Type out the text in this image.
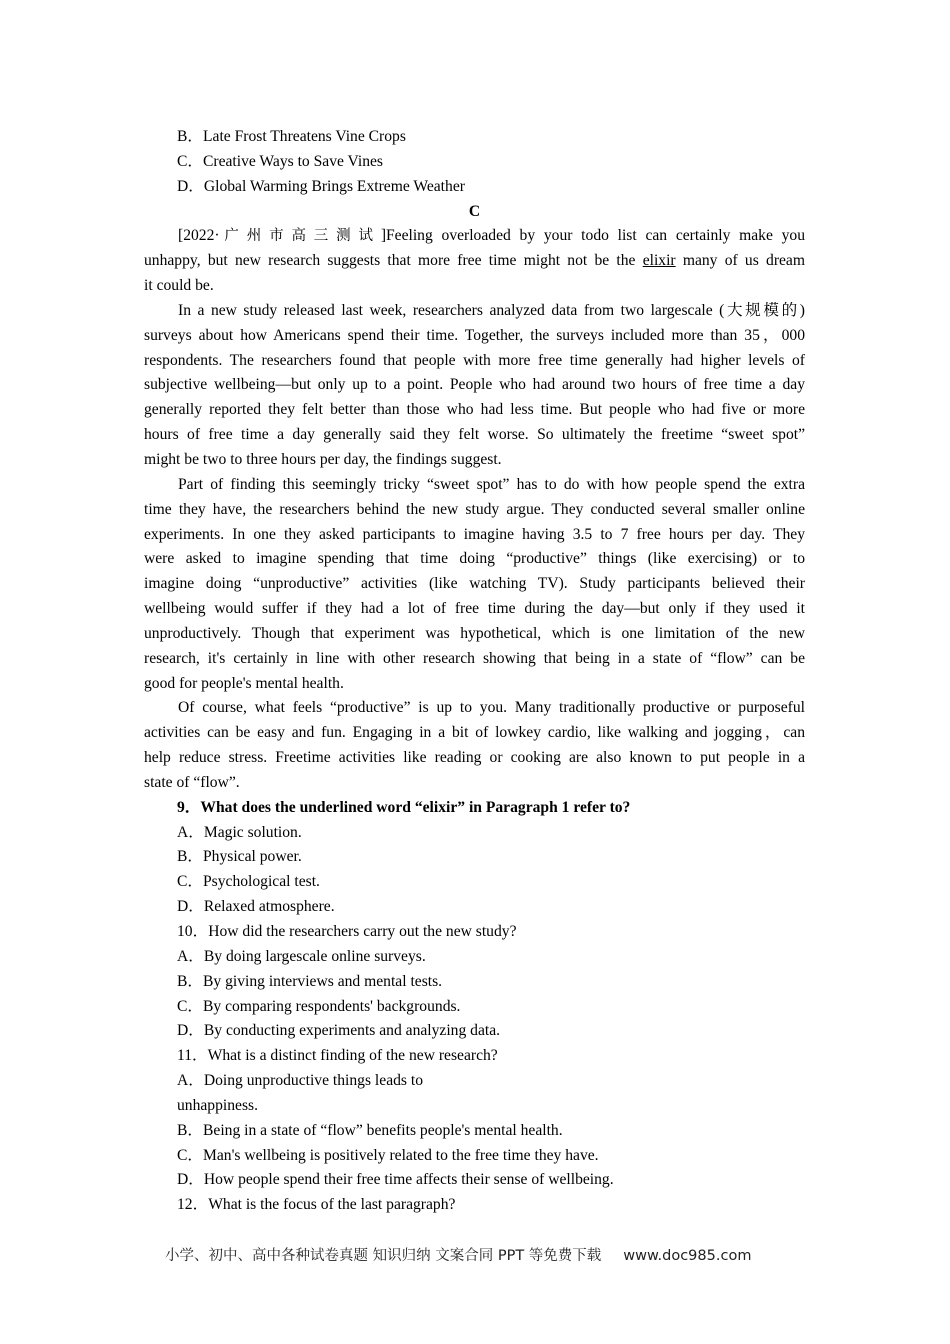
B．Late Frost Threatens Vine Crops
C．Creative Ways to Save Vines
D．Global Warming Brings Extreme Weather
C
[2022·广州市高三测试]Feeling overloaded by your todo list can certainly make you
unhappy, but new research suggests that more free time might not be the elixir many of us dream
it could be.
In a new study released last week, researchers analyzed data from two largescale (大规模的)
surveys about how Americans spend their time. Together, the surveys included more than 35，000
respondents. The researchers found that people with more free time generally had higher levels of
subjective wellbeing—but only up to a point. People who had around two hours of free time a day
generally reported they felt better than those who had less time. But people who had five or more
hours of free time a day generally said they felt worse. So ultimately the freetime “sweet spot”
might be two to three hours per day, the findings suggest.
Part of finding this seemingly tricky “sweet spot” has to do with how people spend the extra
time they have, the researchers behind the new study argue. They conducted several smaller online
experiments. In one they asked participants to imagine having 3.5 to 7 free hours per day. They
were asked to imagine spending that time doing “productive” things (like exercising) or to
imagine doing “unproductive” activities (like watching TV). Study participants believed their
wellbeing would suffer if they had a lot of free time during the day—but only if they used it
unproductively. Though that experiment was hypothetical, which is one limitation of the new
research, it's certainly in line with other research showing that being in a state of “flow” can be
good for people's mental health.
Of course, what feels “productive” is up to you. Many traditionally productive or purposeful
activities can be easy and fun. Engaging in a bit of lowkey cardio, like walking and jogging，can
help reduce stress. Freetime activities like reading or cooking are also known to put people in a
state of “flow”.
9．What does the underlined word “elixir” in Paragraph 1 refer to?
A．Magic solution.
B．Physical power.
C．Psychological test.
D．Relaxed atmosphere.
10．How did the researchers carry out the new study?
A．By doing largescale online surveys.
B．By giving interviews and mental tests.
C．By comparing respondents' backgrounds.
D．By conducting experiments and analyzing data.
11．What is a distinct finding of the new research?
A．Doing unproductive things leads to
unhappiness.
B．Being in a state of “flow” benefits people's mental health.
C．Man's wellbeing is positively related to the free time they have.
D．How people spend their free time affects their sense of wellbeing.
12．What is the focus of the last paragraph?
小学、初中、高中各种试卷真题 知识归纳 文案合同 PPT 等免费下载 www.doc985.com
